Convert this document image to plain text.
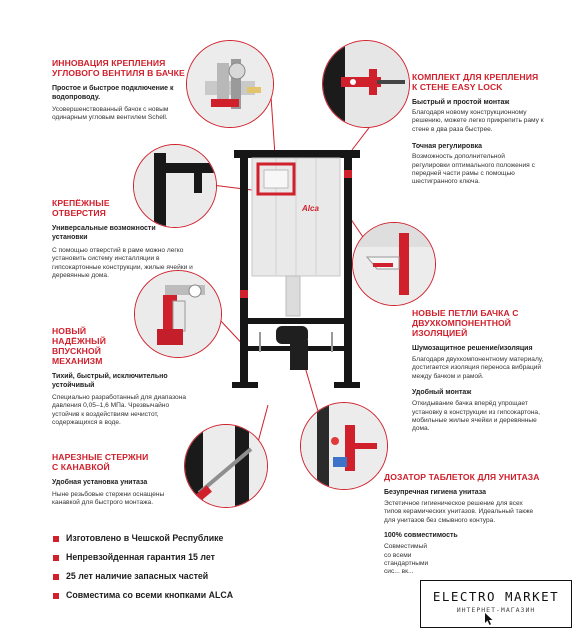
ИННОВАЦИЯ КРЕПЛЕНИЯ УГЛОВОГО ВЕНТИЛЯ В БАЧКЕ
Простое и быстрое подключение к водопроводу.
Усовершенствованный бачок с новым одинарным угловым вентилем Schell.
КРЕПЁЖНЫЕ ОТВЕРСТИЯ
Универсальные возможности установки
С помощью отверстий в раме можно легко установить систему инсталляции в гипсокартонные конструкции, жилые ячейки и деревянные дома.
НОВЫЙ НАДЁЖНЫЙ ВПУСКНОЙ МЕХАНИЗМ
Тихий, быстрый, исключительно устойчивый
Специально разработанный для диапазона давления 0,05–1,6 МПа. Чрезвычайно устойчив к воздействиям нечистот, содержащихся в воде.
НАРЕЗНЫЕ СТЕРЖНИ С КАНАВКОЙ
Удобная установка унитаза
Ныне резьбовые стержни оснащены канавкой для быстрого монтажа.
КОМПЛЕКТ ДЛЯ КРЕПЛЕНИЯ К СТЕНЕ EASY LOCK
Быстрый и простой монтаж
Благодаря новому конструкционному решению, можете легко прикрепить раму к стене в два раза быстрее.
Точная регулировка
Возможность дополнительной регулировки оптимального положения с передней части рамы с помощью шестигранного ключа.
НОВЫЕ ПЕТЛИ БАЧКА С ДВУХКОМПОНЕНТНОЙ ИЗОЛЯЦИЕЙ
Шумозащитное решение/изоляция
Благодаря двухкомпонентному материалу, достигается изоляция переноса вибраций между бачком и рамой.
Удобный монтаж
Откидывание бачка вперёд упрощает установку в конструкции из гипсокартона, мобильные жилые ячейки и деревянные дома.
ДОЗАТОР ТАБЛЕТОК ДЛЯ УНИТАЗА
Безупречная гигиена унитаза
Эстетичное гигиеническое решение для всех типов керамических унитазов. Идеальный также для унитазов без смывного контура.
100% совместимость
Совместимый со всеми стандартными сис... вк...
Alca
Изготовлено в Чешской Республике
Непревзойденная гарантия 15 лет
25 лет наличие запасных частей
Совместима со всеми кнопками ALCA	ELECTRO MARKET
ИНТЕРНЕТ-МАГАЗИН
